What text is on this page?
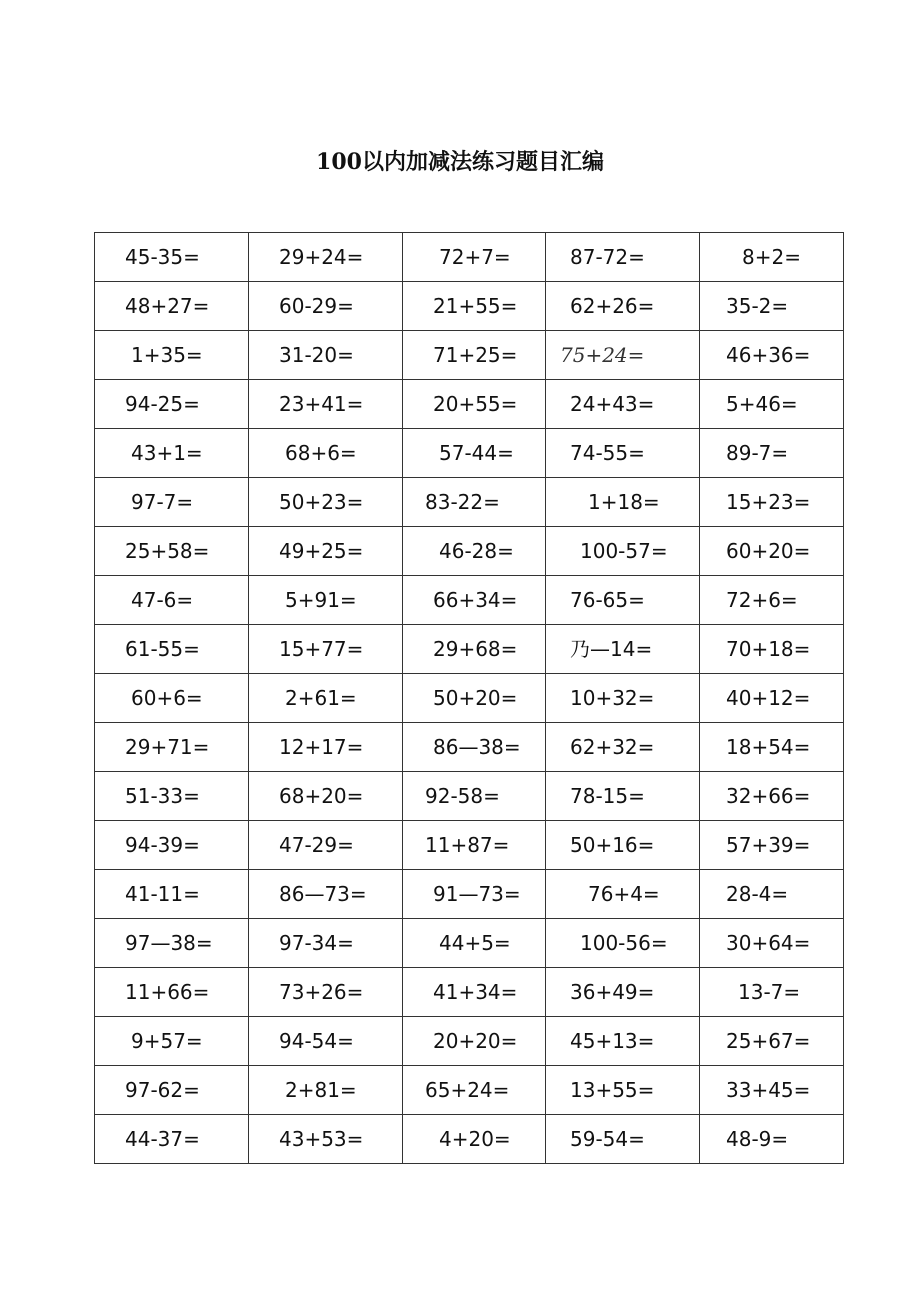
100以内加减法练习题目汇编
45-35=	29+24=	72+7=	87-72=	8+2=
48+27=	60-29=	21+55=	62+26=	35-2=
1+35=	31-20=	71+25=	75+24=	46+36=
94-25=	23+41=	20+55=	24+43=	5+46=
43+1=	68+6=	57-44=	74-55=	89-7=
97-7=	50+23=	83-22=	1+18=	15+23=
25+58=	49+25=	46-28=	100-57=	60+20=
47-6=	5+91=	66+34=	76-65=	72+6=
61-55=	15+77=	29+68=	乃—14=	70+18=
60+6=	2+61=	50+20=	10+32=	40+12=
29+71=	12+17=	86—38=	62+32=	18+54=
51-33=	68+20=	92-58=	78-15=	32+66=
94-39=	47-29=	11+87=	50+16=	57+39=
41-11=	86—73=	91—73=	76+4=	28-4=
97—38=	97-34=	44+5=	100-56=	30+64=
11+66=	73+26=	41+34=	36+49=	13-7=
9+57=	94-54=	20+20=	45+13=	25+67=
97-62=	2+81=	65+24=	13+55=	33+45=
44-37=	43+53=	4+20=	59-54=	48-9=
